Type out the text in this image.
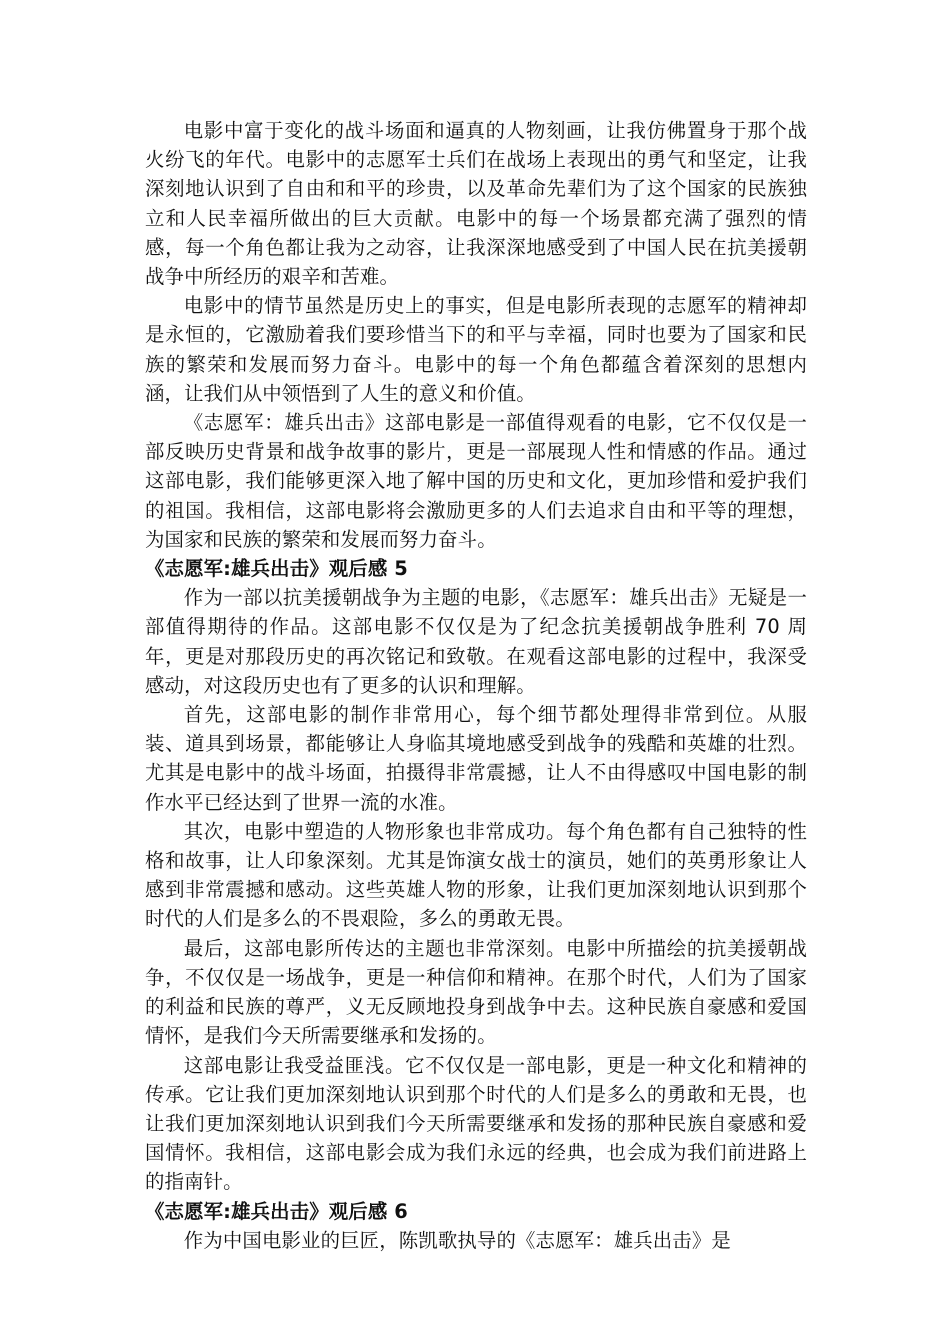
电影中富于变化的战斗场面和逼真的人物刻画，让我仿佛置身于那个战火纷飞的年代。电影中的志愿军士兵们在战场上表现出的勇气和坚定，让我深刻地认识到了自由和和平的珍贵，以及革命先辈们为了这个国家的民族独立和人民幸福所做出的巨大贡献。电影中的每一个场景都充满了强烈的情感，每一个角色都让我为之动容，让我深深地感受到了中国人民在抗美援朝战争中所经历的艰辛和苦难。

电影中的情节虽然是历史上的事实，但是电影所表现的志愿军的精神却是永恒的，它激励着我们要珍惜当下的和平与幸福，同时也要为了国家和民族的繁荣和发展而努力奋斗。电影中的每一个角色都蕴含着深刻的思想内涵，让我们从中领悟到了人生的意义和价值。

《志愿军：雄兵出击》这部电影是一部值得观看的电影，它不仅仅是一部反映历史背景和战争故事的影片，更是一部展现人性和情感的作品。通过这部电影，我们能够更深入地了解中国的历史和文化，更加珍惜和爱护我们的祖国。我相信，这部电影将会激励更多的人们去追求自由和平等的理想，为国家和民族的繁荣和发展而努力奋斗。

《志愿军:雄兵出击》观后感 5

作为一部以抗美援朝战争为主题的电影，《志愿军：雄兵出击》无疑是一部值得期待的作品。这部电影不仅仅是为了纪念抗美援朝战争胜利 70 周年，更是对那段历史的再次铭记和致敬。在观看这部电影的过程中，我深受感动，对这段历史也有了更多的认识和理解。

首先，这部电影的制作非常用心，每个细节都处理得非常到位。从服装、道具到场景，都能够让人身临其境地感受到战争的残酷和英雄的壮烈。尤其是电影中的战斗场面，拍摄得非常震撼，让人不由得感叹中国电影的制作水平已经达到了世界一流的水准。

其次，电影中塑造的人物形象也非常成功。每个角色都有自己独特的性格和故事，让人印象深刻。尤其是饰演女战士的演员，她们的英勇形象让人感到非常震撼和感动。这些英雄人物的形象，让我们更加深刻地认识到那个时代的人们是多么的不畏艰险，多么的勇敢无畏。

最后，这部电影所传达的主题也非常深刻。电影中所描绘的抗美援朝战争，不仅仅是一场战争，更是一种信仰和精神。在那个时代，人们为了国家的利益和民族的尊严，义无反顾地投身到战争中去。这种民族自豪感和爱国情怀，是我们今天所需要继承和发扬的。

这部电影让我受益匪浅。它不仅仅是一部电影，更是一种文化和精神的传承。它让我们更加深刻地认识到那个时代的人们是多么的勇敢和无畏，也让我们更加深刻地认识到我们今天所需要继承和发扬的那种民族自豪感和爱国情怀。我相信，这部电影会成为我们永远的经典，也会成为我们前进路上的指南针。

《志愿军:雄兵出击》观后感 6

作为中国电影业的巨匠，陈凯歌执导的《志愿军：雄兵出击》是
